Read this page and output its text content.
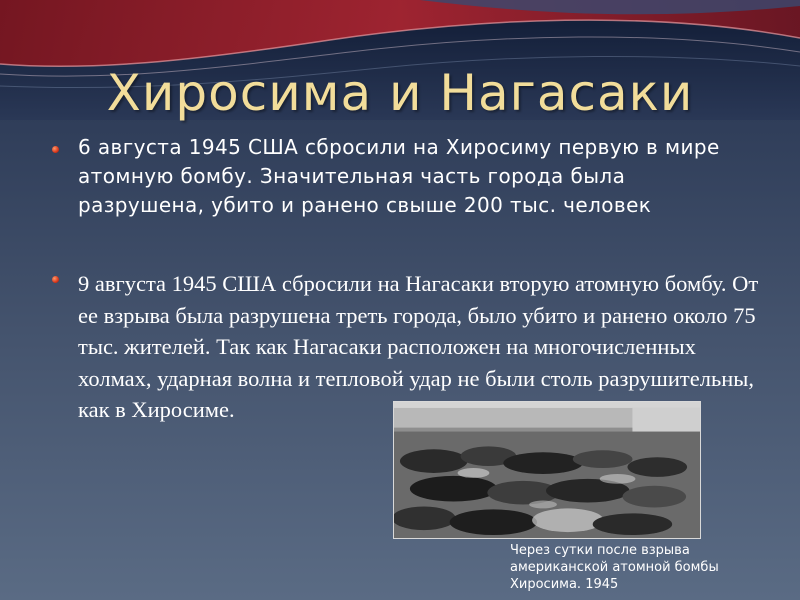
Хиросима и Нагасаки
6 августа 1945 США сбросили на Хиросиму первую в мире атомную бомбу. Значительная часть города была разрушена, убито и ранено свыше 200 тыс. человек
9 августа 1945 США сбросили на Нагасаки вторую атомную бомбу. От ее взрыва была разрушена треть города, было убито и ранено около 75 тыс. жителей. Так как Нагасаки расположен на многочисленных холмах, ударная волна и тепловой удар не были столь разрушительны, как в Хиросиме.
Через сутки после взрыва американской атомной бомбы Хиросима. 1945
